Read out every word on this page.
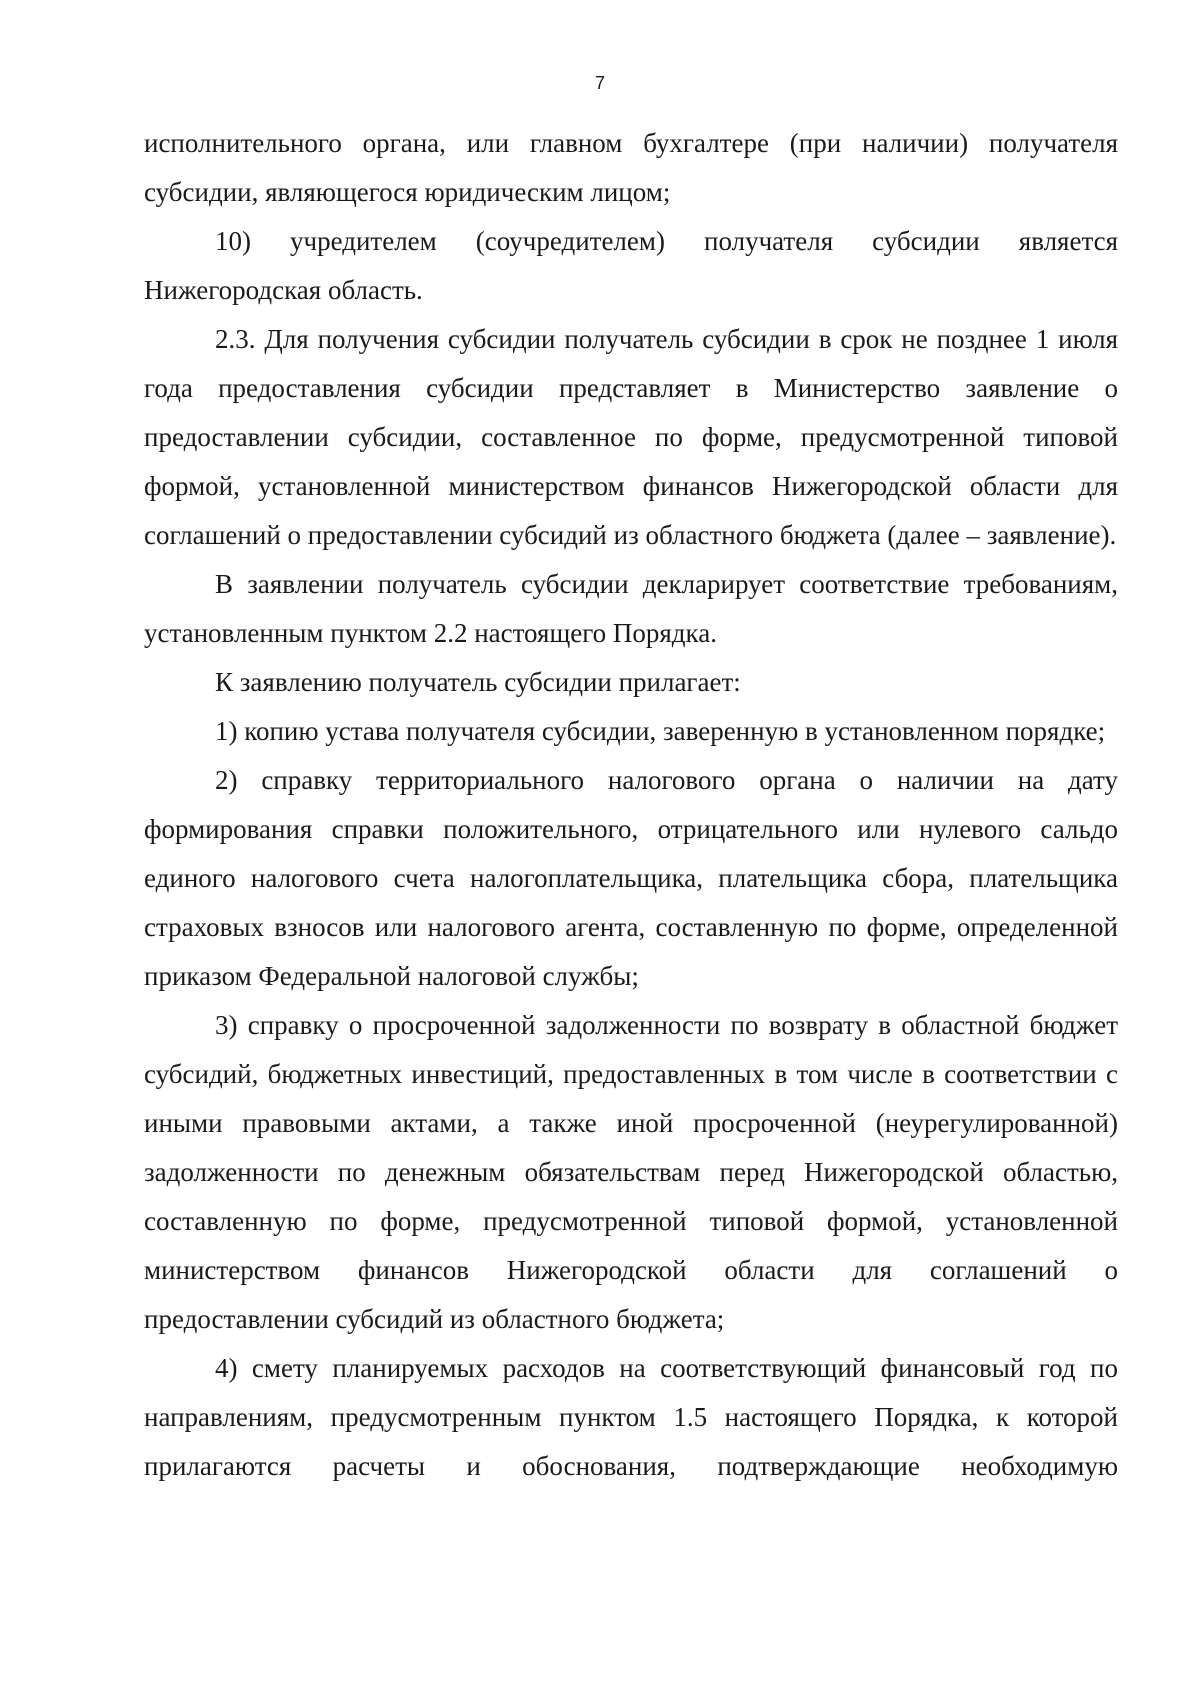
7

исполнительного органа, или главном бухгалтере (при наличии) получателя субсидии, являющегося юридическим лицом;

10) учредителем (соучредителем) получателя субсидии является Нижегородская область.

2.3. Для получения субсидии получатель субсидии в срок не позднее 1 июля года предоставления субсидии представляет в Министерство заявление о предоставлении субсидии, составленное по форме, предусмотренной типовой формой, установленной министерством финансов Нижегородской области для соглашений о предоставлении субсидий из областного бюджета (далее – заявление).

В заявлении получатель субсидии декларирует соответствие требованиям, установленным пунктом 2.2 настоящего Порядка.

К заявлению получатель субсидии прилагает:

1) копию устава получателя субсидии, заверенную в установленном порядке;

2) справку территориального налогового органа о наличии на дату формирования справки положительного, отрицательного или нулевого сальдо единого налогового счета налогоплательщика, плательщика сбора, плательщика страховых взносов или налогового агента, составленную по форме, определенной приказом Федеральной налоговой службы;

3) справку о просроченной задолженности по возврату в областной бюджет субсидий, бюджетных инвестиций, предоставленных в том числе в соответствии с иными правовыми актами, а также иной просроченной (неурегулированной) задолженности по денежным обязательствам перед Нижегородской областью, составленную по форме, предусмотренной типовой формой, установленной министерством финансов Нижегородской области для соглашений о предоставлении субсидий из областного бюджета;

4) смету планируемых расходов на соответствующий финансовый год по направлениям, предусмотренным пунктом 1.5 настоящего Порядка, к которой прилагаются расчеты и обоснования, подтверждающие необходимую
